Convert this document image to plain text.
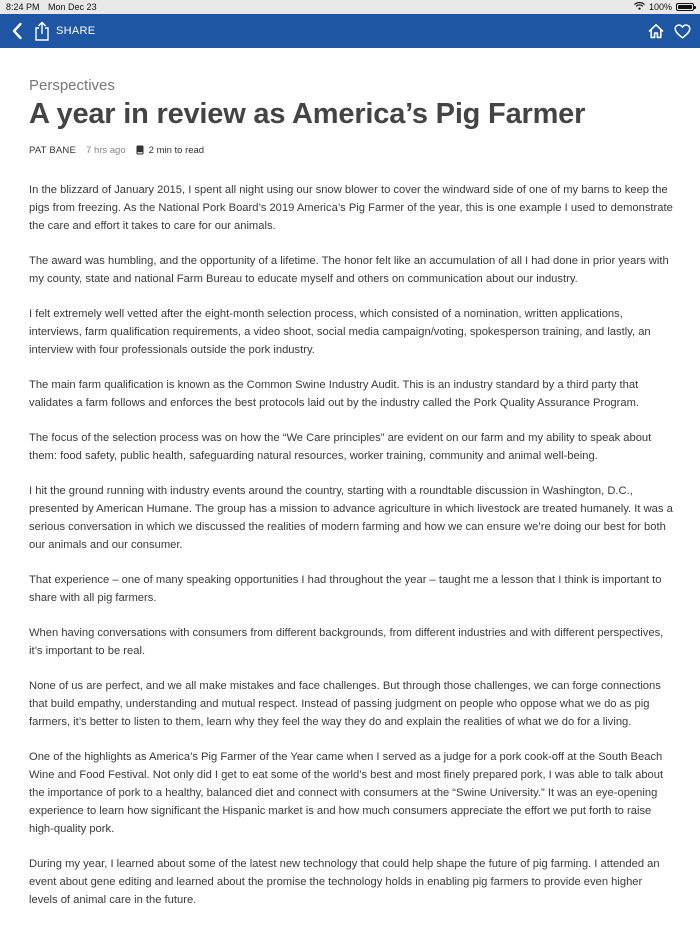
8:24 PM Mon Dec 23	100%
SHARE
Perspectives
A year in review as America’s Pig Farmer
PAT BANE 7 hrs ago 2 min to read

In the blizzard of January 2015, I spent all night using our snow blower to cover the windward side of one of my barns to keep the pigs from freezing. As the National Pork Board’s 2019 America’s Pig Farmer of the year, this is one example I used to demonstrate the care and effort it takes to care for our animals.

The award was humbling, and the opportunity of a lifetime. The honor felt like an accumulation of all I had done in prior years with my county, state and national Farm Bureau to educate myself and others on communication about our industry.

I felt extremely well vetted after the eight-month selection process, which consisted of a nomination, written applications, interviews, farm qualification requirements, a video shoot, social media campaign/voting, spokesperson training, and lastly, an interview with four professionals outside the pork industry.

The main farm qualification is known as the Common Swine Industry Audit. This is an industry standard by a third party that validates a farm follows and enforces the best protocols laid out by the industry called the Pork Quality Assurance Program.

The focus of the selection process was on how the “We Care principles” are evident on our farm and my ability to speak about them: food safety, public health, safeguarding natural resources, worker training, community and animal well-being.

I hit the ground running with industry events around the country, starting with a roundtable discussion in Washington, D.C., presented by American Humane. The group has a mission to advance agriculture in which livestock are treated humanely. It was a serious conversation in which we discussed the realities of modern farming and how we can ensure we’re doing our best for both our animals and our consumer.

That experience – one of many speaking opportunities I had throughout the year – taught me a lesson that I think is important to share with all pig farmers.

When having conversations with consumers from different backgrounds, from different industries and with different perspectives, it’s important to be real.

None of us are perfect, and we all make mistakes and face challenges. But through those challenges, we can forge connections that build empathy, understanding and mutual respect. Instead of passing judgment on people who oppose what we do as pig farmers, it’s better to listen to them, learn why they feel the way they do and explain the realities of what we do for a living.

One of the highlights as America’s Pig Farmer of the Year came when I served as a judge for a pork cook-off at the South Beach Wine and Food Festival. Not only did I get to eat some of the world’s best and most finely prepared pork, I was able to talk about the importance of pork to a healthy, balanced diet and connect with consumers at the “Swine University.” It was an eye-opening experience to learn how significant the Hispanic market is and how much consumers appreciate the effort we put forth to raise high-quality pork.

During my year, I learned about some of the latest new technology that could help shape the future of pig farming. I attended an event about gene editing and learned about the promise the technology holds in enabling pig farmers to provide even higher levels of animal care in the future.
